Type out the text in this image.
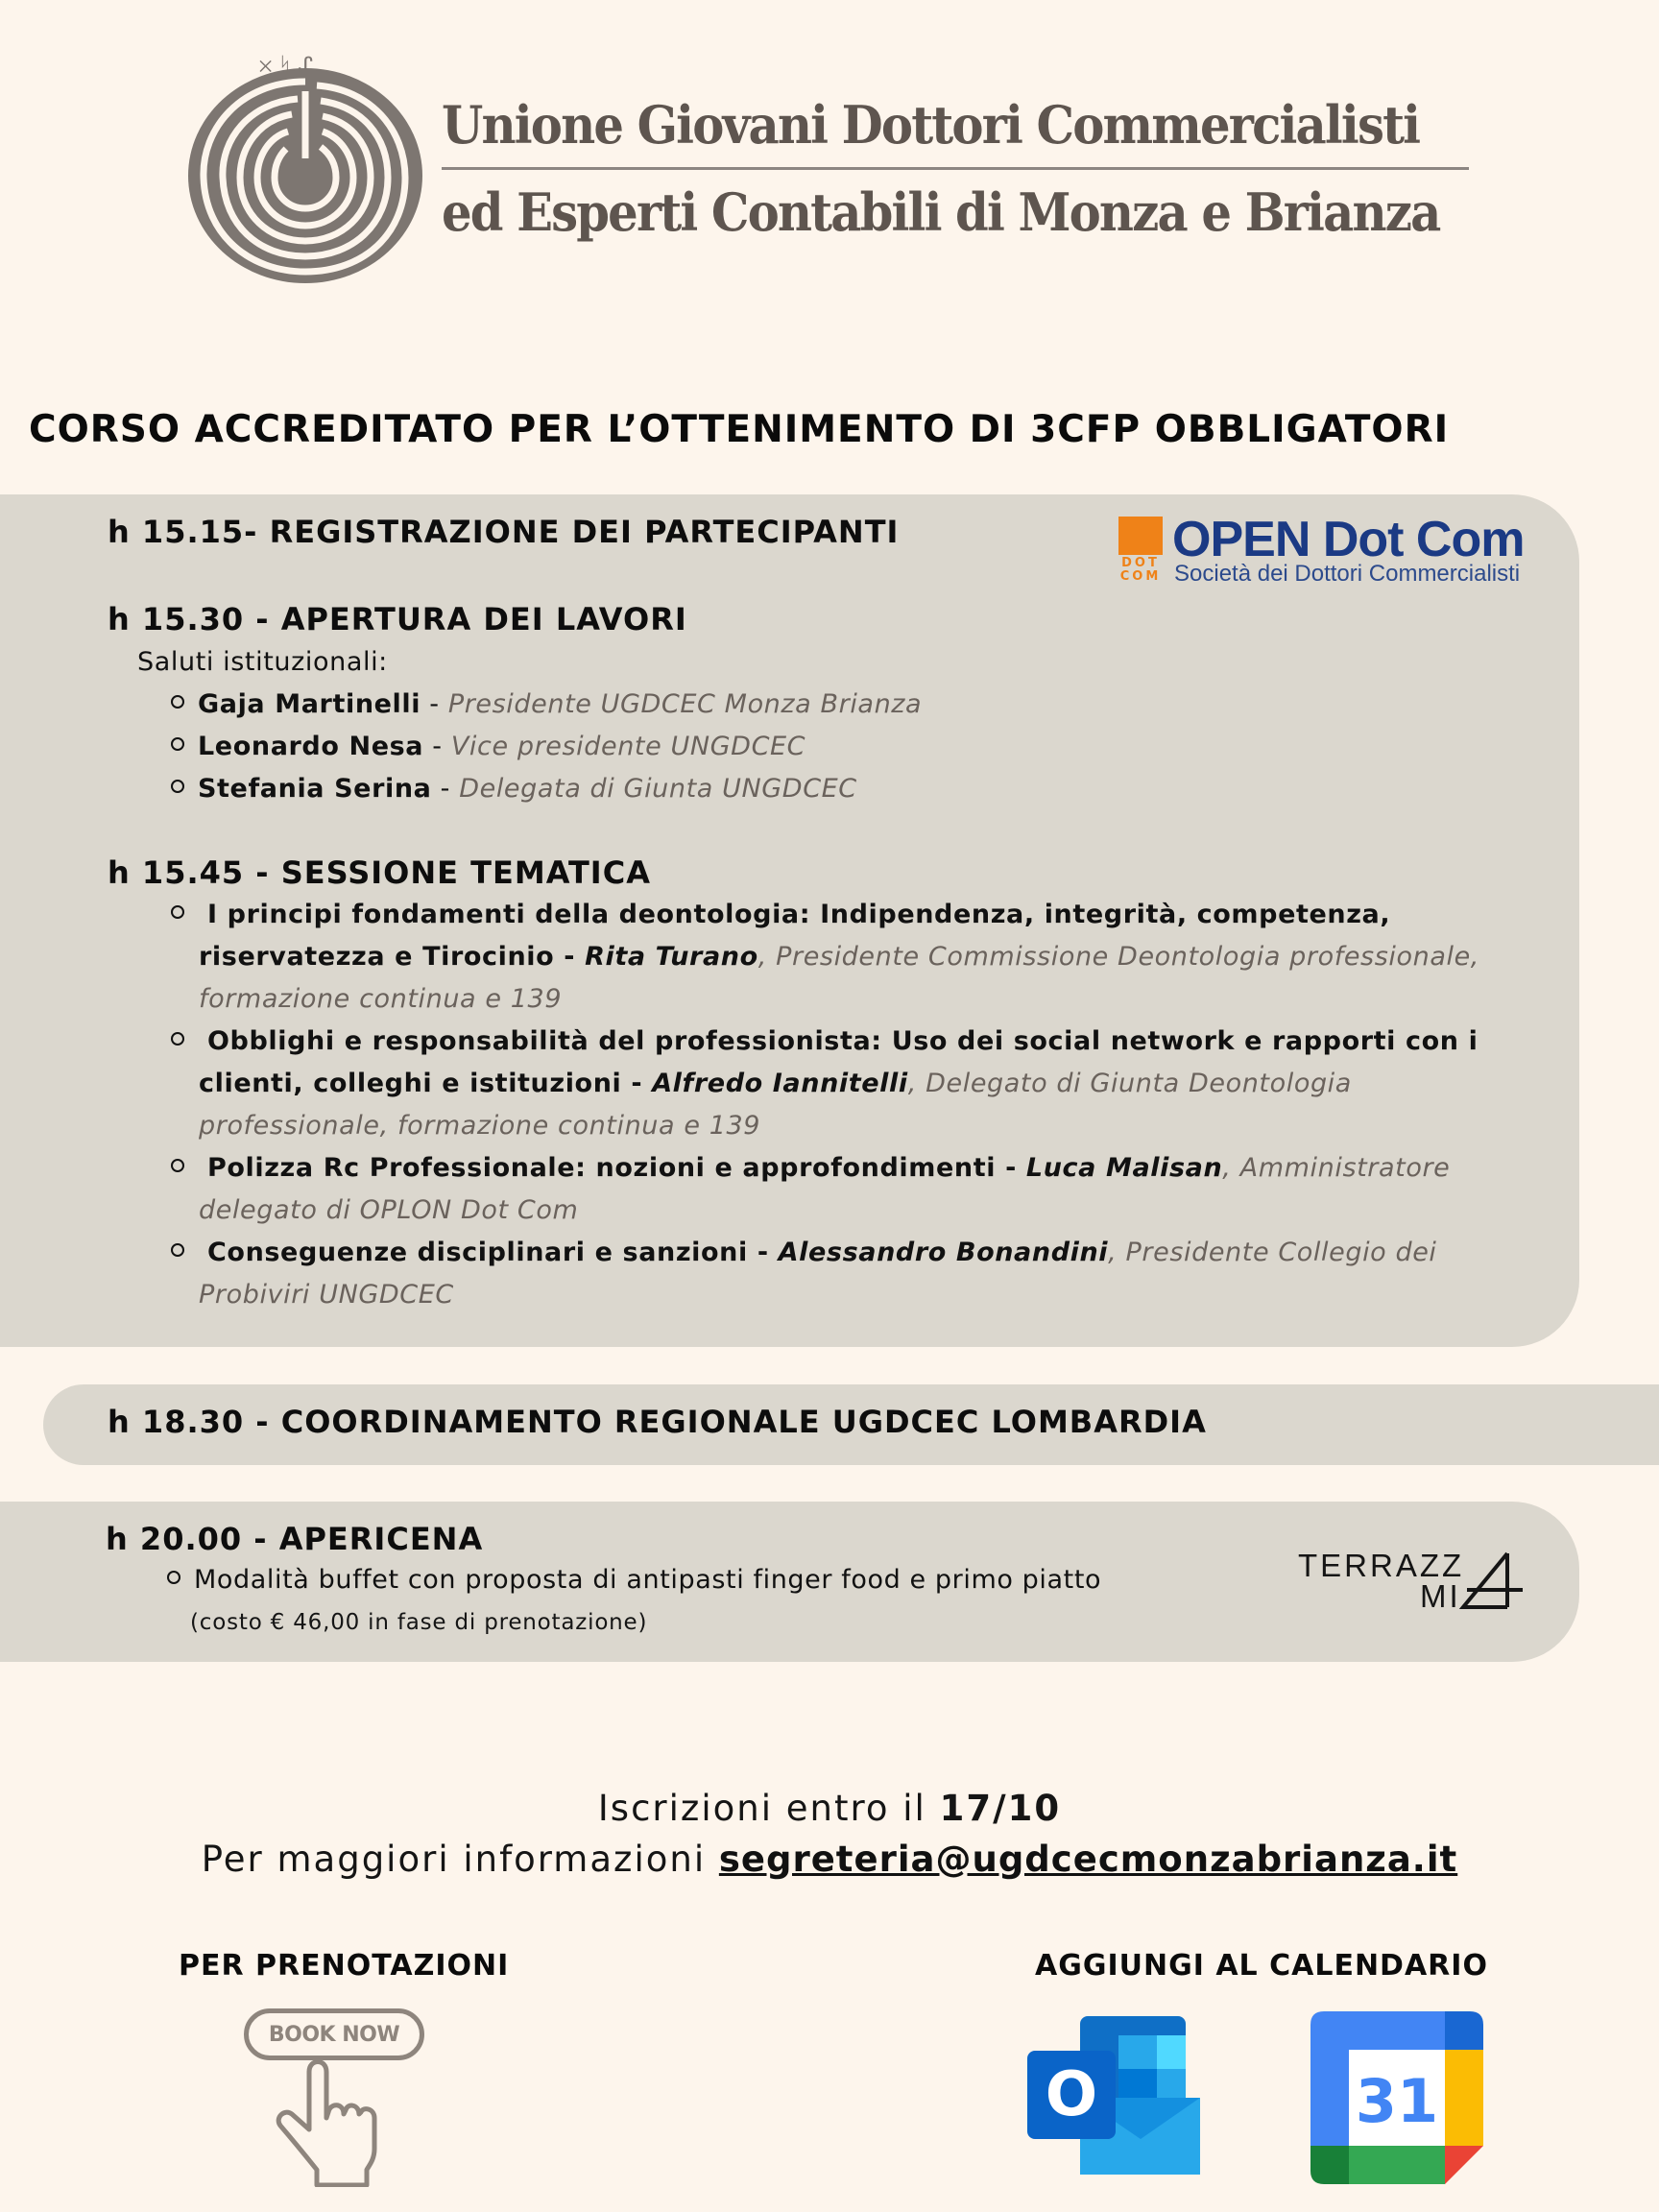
✕ ᛋ ᔑ
Unione Giovani Dottori Commercialisti
ed Esperti Contabili di Monza e Brianza
CORSO ACCREDITATO PER L’OTTENIMENTO DI 3CFP OBBLIGATORI
DOT
COM
OPEN Dot Com
Società dei Dottori Commercialisti
h 15.15- REGISTRAZIONE DEI PARTECIPANTI
h 15.30 - APERTURA DEI LAVORI
Saluti istituzionali:
Gaja Martinelli - Presidente UGDCEC Monza Brianza
Leonardo Nesa - Vice presidente UNGDCEC
Stefania Serina - Delegata di Giunta UNGDCEC
h 15.45 - SESSIONE TEMATICA
I principi fondamenti della deontologia: Indipendenza, integrità, competenza,
riservatezza e Tirocinio - Rita Turano, Presidente Commissione Deontologia professionale,
formazione continua e 139
Obblighi e responsabilità del professionista: Uso dei social network e rapporti con i
clienti, colleghi e istituzioni - Alfredo Iannitelli, Delegato di Giunta Deontologia
professionale, formazione continua e 139
Polizza Rc Professionale: nozioni e approfondimenti - Luca Malisan, Amministratore
delegato di OPLON Dot Com
Conseguenze disciplinari e sanzioni - Alessandro Bonandini, Presidente Collegio dei
Probiviri UNGDCEC
h 18.30 - COORDINAMENTO REGIONALE UGDCEC LOMBARDIA
h 20.00 - APERICENA
Modalità buffet con proposta di antipasti finger food e primo piatto
(costo € 46,00 in fase di prenotazione)
TERRAZZ
MI
Iscrizioni entro il 17/10
Per maggiori informazioni segreteria@ugdcecmonzabrianza.it
PER PRENOTAZIONI	AGGIUNGI AL CALENDARIO
BOOK NOW
O	31
